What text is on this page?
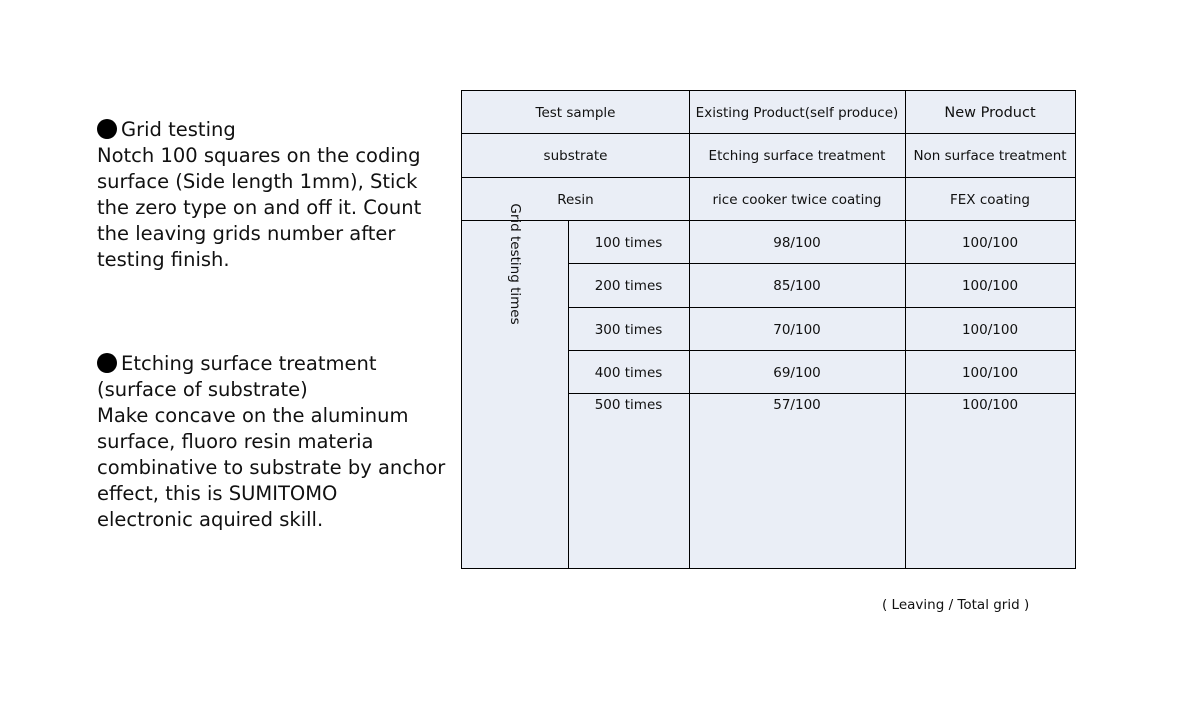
Grid testing

Notch 100 squares on the coding

surface (Side length 1mm), Stick

the zero type on and off it. Count

the leaving grids number after

testing finish.

Etching surface treatment

(surface of substrate)

Make concave on the aluminum

surface, fluoro resin materia

combinative to substrate by anchor

effect, this is SUMITOMO

electronic aquired skill.

Test sample	Existing Product(self produce)	New Product
substrate	Etching surface treatment	Non surface treatment
Resin	rice cooker twice coating	FEX coating
Grid testing times	100 times	98/100	100/100
200 times	85/100	100/100
300 times	70/100	100/100
400 times	69/100	100/100
500 times	57/100	100/100
( Leaving / Total grid )
